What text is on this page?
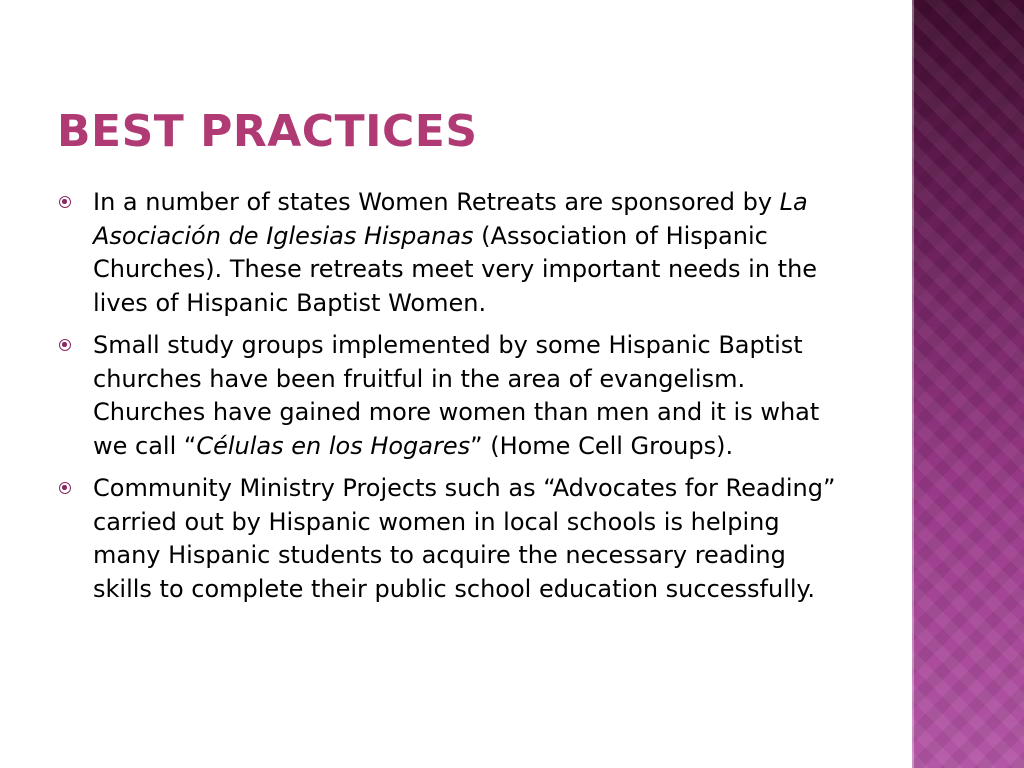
BEST PRACTICES
In a number of states Women Retreats are sponsored by La Asociación de Iglesias Hispanas (Association of Hispanic Churches). These retreats meet very important needs in the lives of Hispanic Baptist Women.
Small study groups implemented by some Hispanic Baptist churches have been fruitful in the area of evangelism. Churches have gained more women than men and it is what we call “Células en los Hogares” (Home Cell Groups).
Community Ministry Projects such as “Advocates for Reading” carried out by Hispanic women in local schools is helping many Hispanic students to acquire the necessary reading skills to complete their public school education successfully.
